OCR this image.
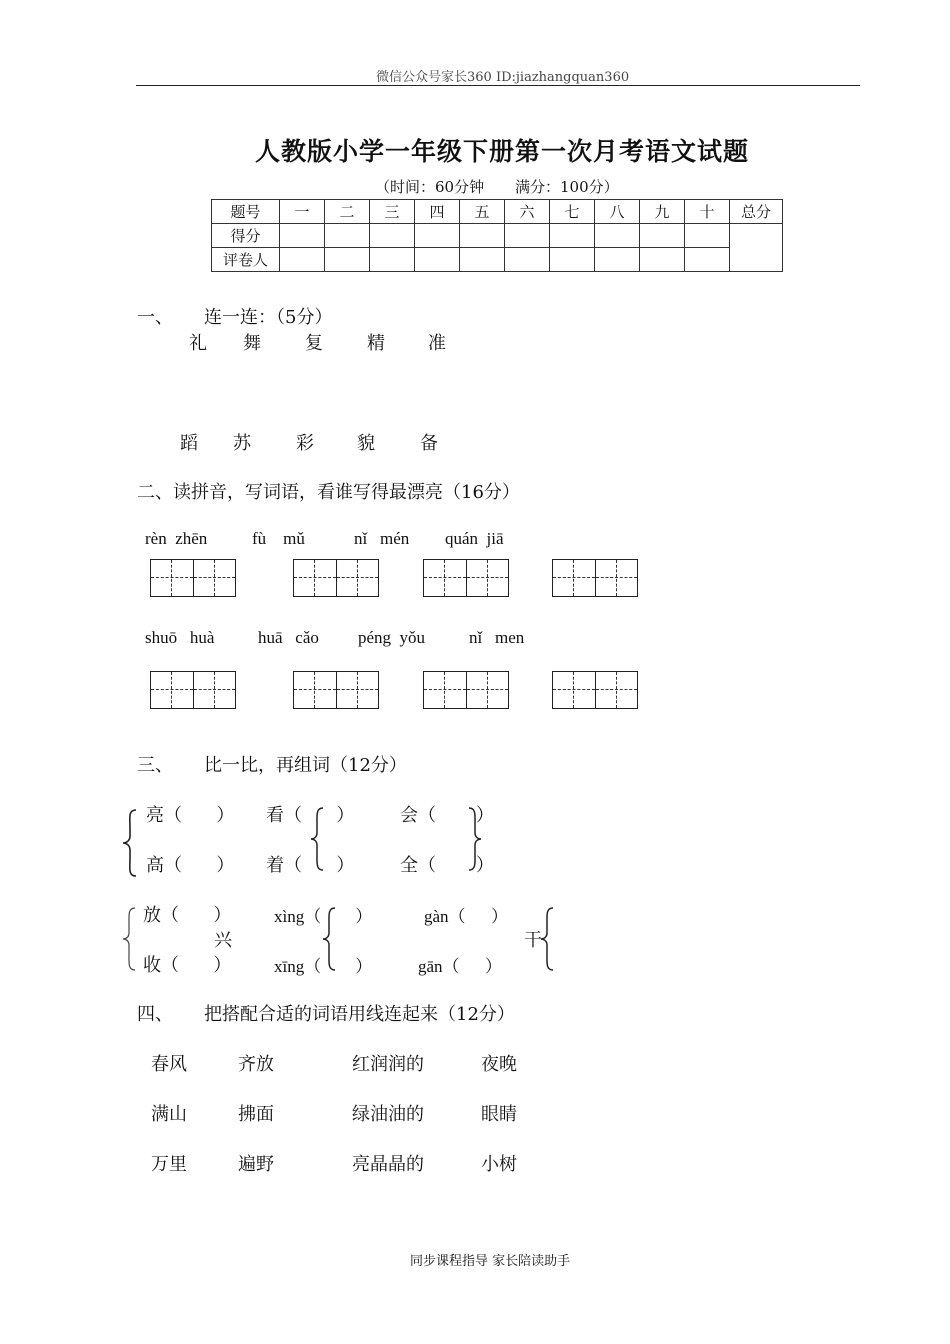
微信公众号家长360 ID:jiazhangquan360
人教版小学一年级下册第一次月考语文试题
（时间：60分钟 满分：100分）
题号	一	二	三	四	五	六	七	八	九	十	总分
得分											
评卷人											
一、 连一连：（5分）
礼 舞 复 精 准
蹈 苏	彩 貌	备
二、读拼音，写词语，看谁写得最漂亮（16分）
rèn  zhēn	fù    mǔ	nǐ   mén quán  jiā
shuō   huà	huā   cǎo péng  yǒu	nǐ   men
三、 比一比，再组词（12分）
亮（      ）
高（      ）
看（      ）
着（      ）
会（       ）
全（       ）
放（      ）
收（      ）
兴
xìng（        ）
xīng（        ）
gàn（      ）
gān（      ）
干
四、 把搭配合适的词语用线连起来（12分）
春风	齐放	红润润的	夜晚
满山	拂面	绿油油的	眼睛
万里	遍野	亮晶晶的	小树
同步课程指导 家长陪读助手
